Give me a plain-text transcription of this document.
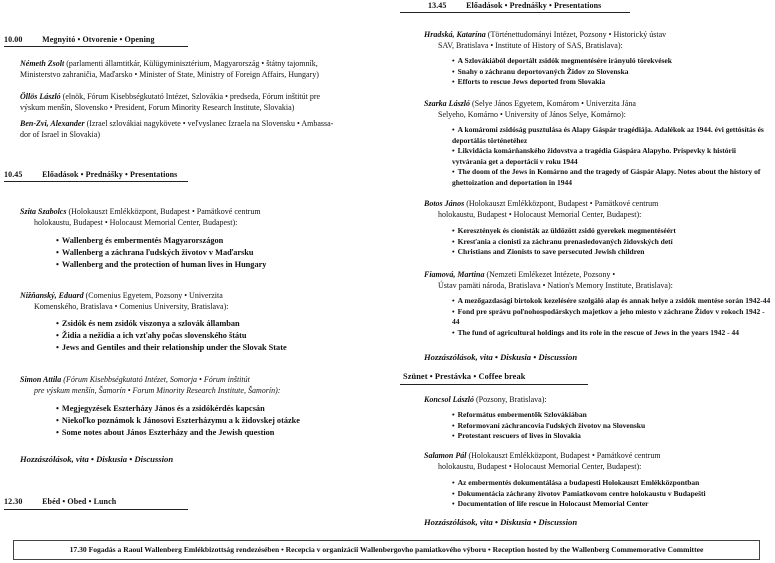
10.00 Megnyitó • Otvorenie • Opening
Németh Zsolt (parlamenti államtitkár, Külügyminisztérium, Magyarország • štátny tajomník,
Ministerstvo zahraničia, Maďarsko • Minister of State, Ministry of Foreign Affairs, Hungary)
Öllös László (elnök, Fórum Kisebbségkutató Intézet, Szlovákia • predseda, Fórum inštitút pre
výskum menšín, Slovensko • President, Forum Minority Research Institute, Slovakia)
Ben-Zvi, Alexander (Izrael szlovákiai nagykövete • veľvyslanec Izraela na Slovensku • Ambassa-
dor of Israel in Slovakia)
10.45 Előadások • Prednášky • Presentations
Szita Szabolcs (Holokauszt Emlékközpont, Budapest • Pamätkové centrum
holokaustu, Budapest • Holocaust Memorial Center, Budapest):
• Wallenberg és embermentés Magyarországon
• Wallenberg a záchrana ľudských životov v Maďarsku
• Wallenberg and the protection of human lives in Hungary
Nižňanský, Eduard (Comenius Egyetem, Pozsony • Univerzita
Komenského, Bratislava • Comenius University, Bratislava):
• Zsidók és nem zsidók viszonya a szlovák államban
• Židia a nežidia a ich vzťahy počas slovenského štátu
• Jews and Gentiles and their relationship under the Slovak State
Simon Attila (Fórum Kisebbségkutató Intézet, Somorja • Fórum inštitút
pre výskum menšín, Šamorín • Forum Minority Research Institute, Šamorín):
• Megjegyzések Eszterházy János és a zsidókérdés kapcsán
• Niekoľko poznámok k Jánosovi Eszterházymu a k židovskej otázke
• Some notes about János Eszterházy and the Jewish question
Hozzászólások, vita • Diskusia • Discussion
12.30 Ebéd • Obed • Lunch
13.45 Előadások • Prednášky • Presentations
Hradská, Katarína (Történettudományi Intézet, Pozsony • Historický ústav
SAV, Bratislava • Institute of History of SAS, Bratislava):
• A Szlovákiából deportált zsidók megmentésére irányuló törekvések
• Snahy o záchranu deportovaných Židov zo Slovenska
• Efforts to rescue Jews deported from Slovakia
Szarka László (Selye János Egyetem, Komárom • Univerzita Jána
Selyeho, Komárno • University of János Selye, Komárno):
• A komáromi zsidóság pusztulása és Alapy Gáspár tragédiája. Adalékok az 1944. évi gettósítás és deportálás történetéhez
• Likvidácia komárňanského židovstva a tragédia Gáspára Alapyho. Príspevky k histórii vytvárania get a deportácií v roku 1944
• The doom of the Jews in Komárno and the tragedy of Gáspár Alapy. Notes about the history of ghettoization and deportation in 1944
Botos János (Holokauszt Emlékközpont, Budapest • Pamätkové centrum
holokaustu, Budapest • Holocaust Memorial Center, Budapest):
• Keresztények és cionisták az üldözött zsidó gyerekek megmentéséért
• Kresťania a cionisti za záchranu prenasledovaných židovských detí
• Christians and Zionists to save persecuted Jewish children
Fiamová, Martina (Nemzeti Emlékezet Intézete, Pozsony •
Ústav pamäti národa, Bratislava • Nation's Memory Institute, Bratislava):
• A mezőgazdasági birtokok kezelésére szolgáló alap és annak helye a zsidók mentése során 1942-44
• Fond pre správu poľnohospodárskych majetkov a jeho miesto v záchrane Židov v rokoch 1942 - 44
• The fund of agricultural holdings and its role in the rescue of Jews in the years 1942 - 44
Hozzászólások, vita • Diskusia • Discussion
Szünet • Prestávka • Coffee break
Koncsol László (Pozsony, Bratislava):
• Református embermentők Szlovákiában
• Reformovaní záchrancovia ľudských životov na Slovensku
• Protestant rescuers of lives in Slovakia
Salamon Pál (Holokauszt Emlékközpont, Budapest • Pamätkové centrum
holokaustu, Budapest • Holocaust Memorial Center, Budapest):
• Az embermentés dokumentálása a budapesti Holokauszt Emlékközpontban
• Dokumentácia záchrany životov Pamiatkovom centre holokaustu v Budapešti
• Documentation of life rescue in Holocaust Memorial Center
Hozzászólások, vita • Diskusia • Discussion
17.30 Fogadás a Raoul Wallenberg Emlékbizottság rendezésében • Recepcia v organizácii Wallenbergovho pamiatkového výboru • Reception hosted by the Wallenberg Commemorative Committee
